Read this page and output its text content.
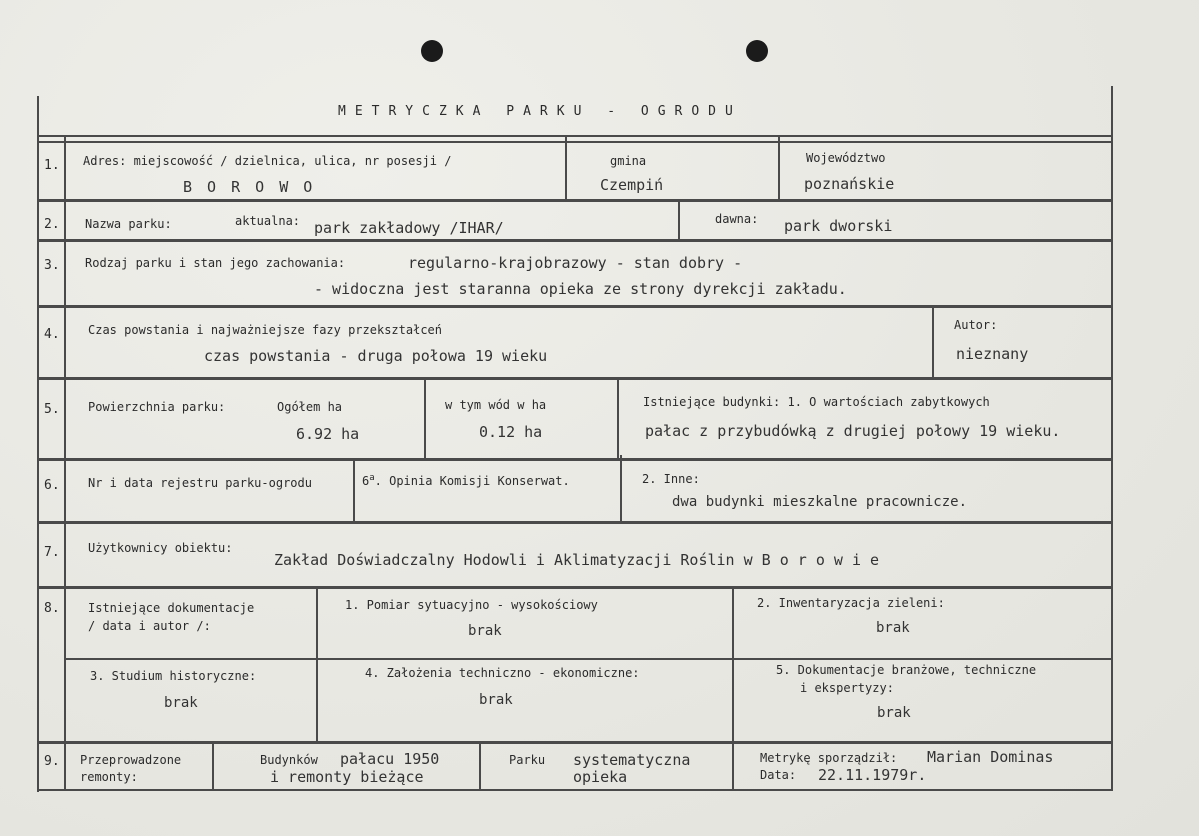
METRYCZKA PARKU - OGRODU
1. Adres: miejscowość / dzielnica, ulica, nr posesji /
B O R O W O
gmina
Czempiń
Województwo
poznańskie
2. Nazwa parku:	aktualna: park zakładowy /IHAR/	dawna: park dworski
3. Rodzaj parku i stan jego zachowania:	regularno-krajobrazowy - stan dobry -
- widoczna jest staranna opieka ze strony dyrekcji zakładu.
4. Czas powstania i najważniejsze fazy przekształceń
czas powstania - druga połowa 19 wieku
Autor:
nieznany
5. Powierzchnia parku:	Ogółem ha
6.92 ha
w tym wód w ha
0.12 ha
Istniejące budynki: 1. O wartościach zabytkowych
pałac z przybudówką z drugiej połowy 19 wieku.
6. Nr i data rejestru parku-ogrodu	6$^a$. Opinia Komisji Konserwat.	2. Inne:
dwa budynki mieszkalne pracownicze.
7. Użytkownicy obiektu:
Zakład Doświadczalny Hodowli i Aklimatyzacji Roślin w B o r o w i e
8. Istniejące dokumentacje
/ data i autor /:
1. Pomiar sytuacyjno - wysokościowy
brak
2. Inwentaryzacja zieleni:
brak
3. Studium historyczne:
brak
4. Założenia techniczno - ekonomiczne:
brak
5. Dokumentacje branżowe, techniczne
i ekspertyzy:
brak
9. Przeprowadzone
remonty:
Budynków pałacu 1950
i remonty bieżące
Parku systematyczna
opieka
Metrykę sporządził: Marian Dominas
Data: 22.11.1979r.
